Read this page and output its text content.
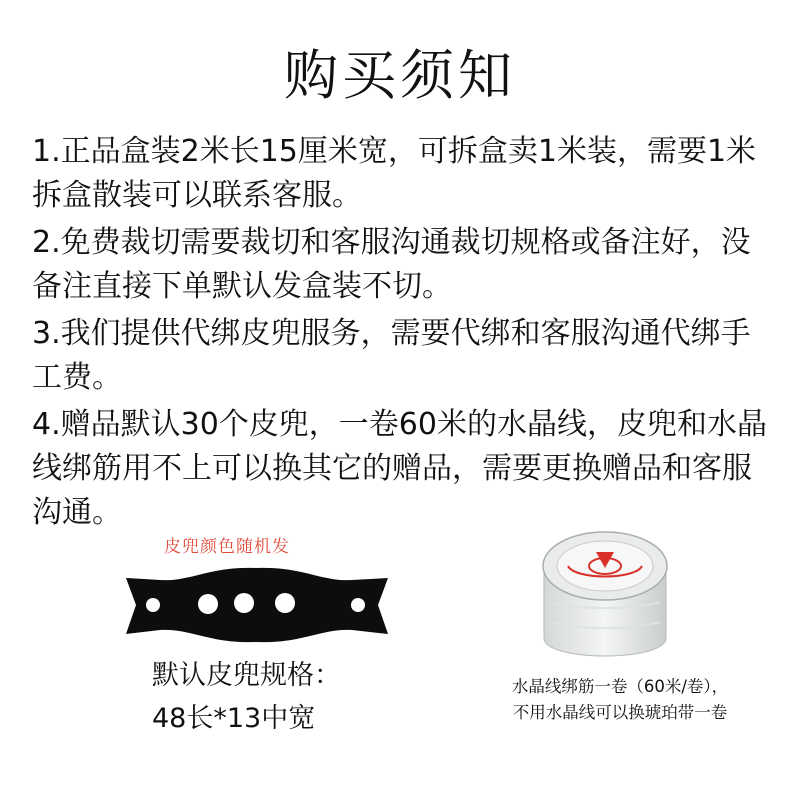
购买须知
1.正品盒装2米长15厘米宽，可拆盒卖1米装，需要1米
拆盒散装可以联系客服。
2.免费裁切需要裁切和客服沟通裁切规格或备注好，没
备注直接下单默认发盒装不切。
3.我们提供代绑皮兜服务，需要代绑和客服沟通代绑手
工费。
4.赠品默认30个皮兜，一卷60米的水晶线，皮兜和水晶
线绑筋用不上可以换其它的赠品，需要更换赠品和客服
沟通。
皮兜颜色随机发
默认皮兜规格：
48长*13中宽
水晶线绑筋一卷（60米/卷），
不用水晶线可以换琥珀带一卷
